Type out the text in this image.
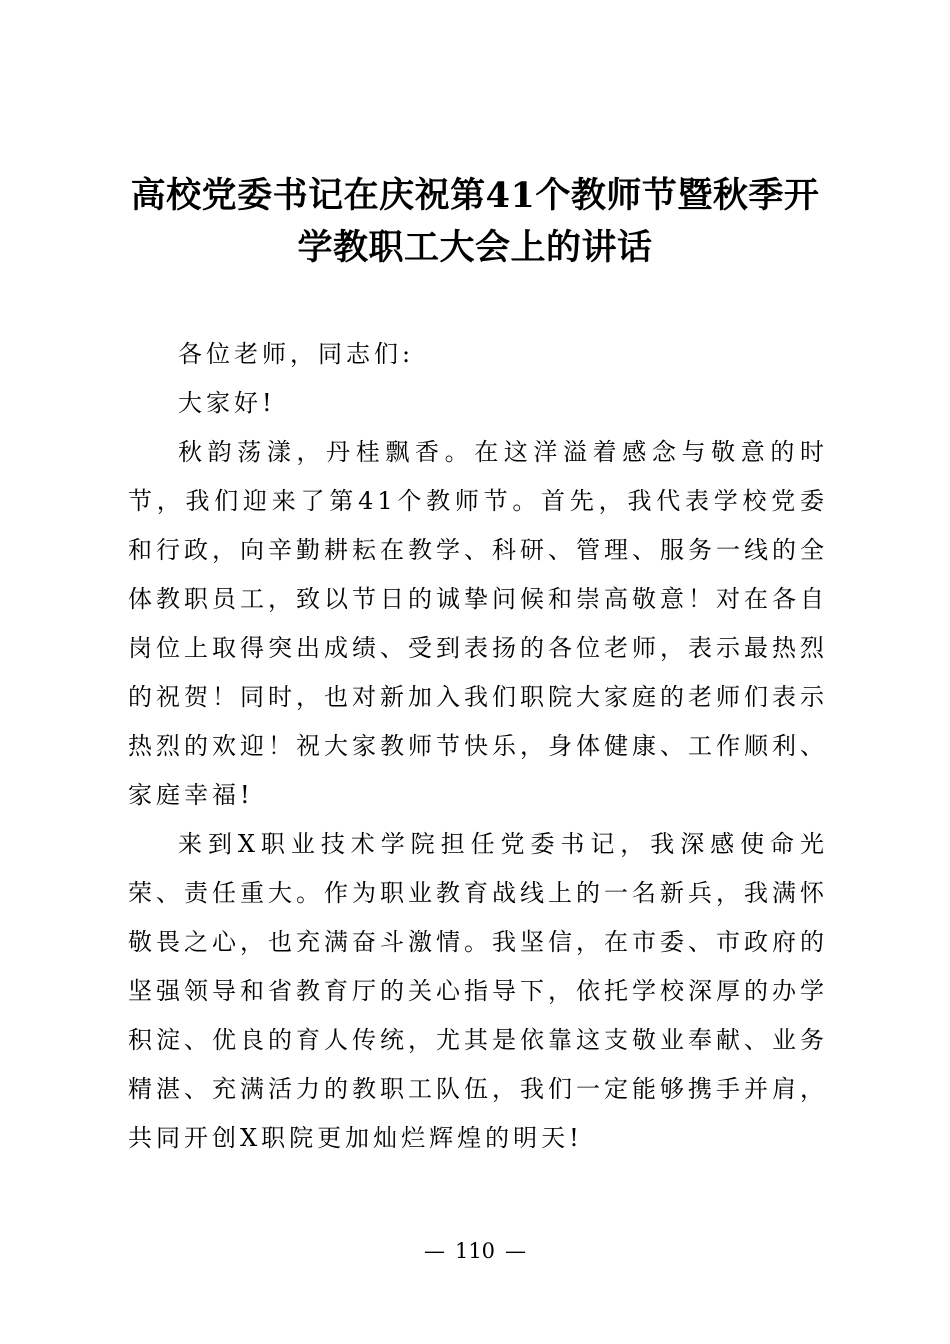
高校党委书记在庆祝第41个教师节暨秋季开
学教职工大会上的讲话

各位老师，同志们:

大家好!

秋韵荡漾，丹桂飘香。在这洋溢着感念与敬意的时节，我们迎来了第41个教师节。首先，我代表学校党委和行政，向辛勤耕耘在教学、科研、管理、服务一线的全体教职员工，致以节日的诚挚问候和崇高敬意！对在各自岗位上取得突出成绩、受到表扬的各位老师，表示最热烈的祝贺！同时，也对新加入我们职院大家庭的老师们表示热烈的欢迎！祝大家教师节快乐，身体健康、工作顺利、家庭幸福!

来到X职业技术学院担任党委书记，我深感使命光荣、责任重大。作为职业教育战线上的一名新兵，我满怀敬畏之心，也充满奋斗激情。我坚信，在市委、市政府的坚强领导和省教育厅的关心指导下，依托学校深厚的办学积淀、优良的育人传统，尤其是依靠这支敬业奉献、业务精湛、充满活力的教职工队伍，我们一定能够携手并肩，共同开创X职院更加灿烂辉煌的明天!

— 110 —
